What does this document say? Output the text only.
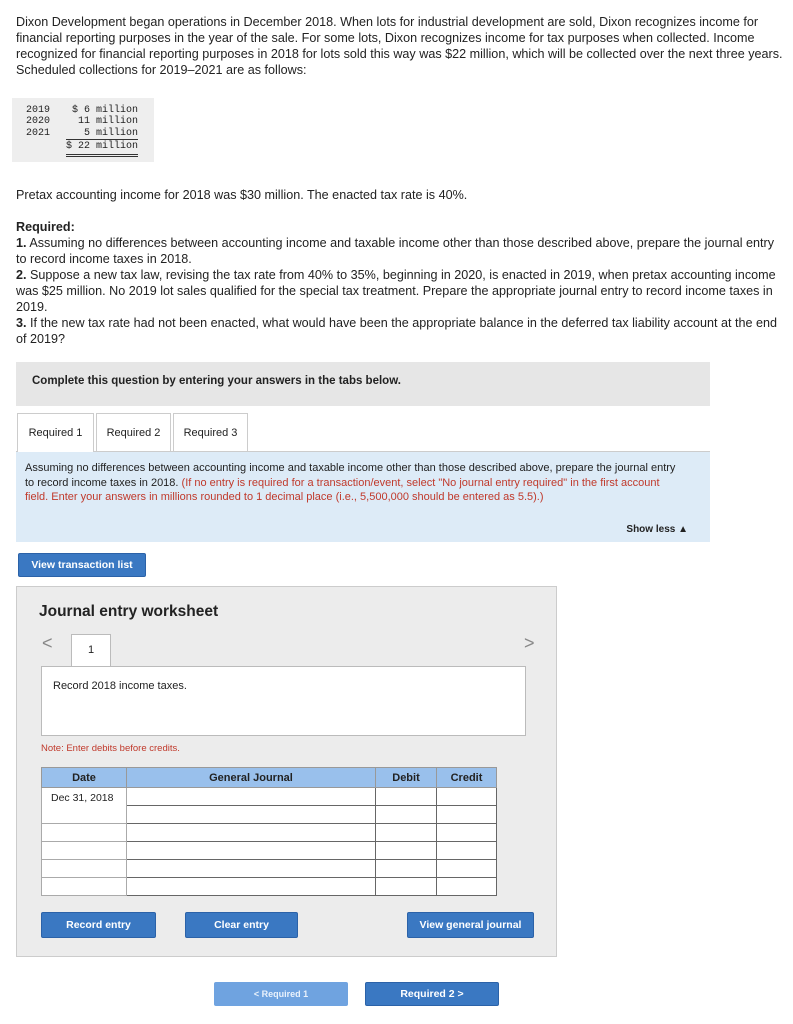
Dixon Development began operations in December 2018. When lots for industrial development are sold, Dixon recognizes income for financial reporting purposes in the year of the sale. For some lots, Dixon recognizes income for tax purposes when collected. Income recognized for financial reporting purposes in 2018 for lots sold this way was $22 million, which will be collected over the next three years. Scheduled collections for 2019–2021 are as follows:
2019	$ 6 million
2020	11 million
2021	5 million
	$ 22 million
Pretax accounting income for 2018 was $30 million. The enacted tax rate is 40%.

Required:

1. Assuming no differences between accounting income and taxable income other than those described above, prepare the journal entry to record income taxes in 2018.

2. Suppose a new tax law, revising the tax rate from 40% to 35%, beginning in 2020, is enacted in 2019, when pretax accounting income was $25 million. No 2019 lot sales qualified for the special tax treatment. Prepare the appropriate journal entry to record income taxes in 2019.

3. If the new tax rate had not been enacted, what would have been the appropriate balance in the deferred tax liability account at the end of 2019?

Complete this question by entering your answers in the tabs below.
Required 1	Required 2	Required 3
Assuming no differences between accounting income and taxable income other than those described above, prepare the journal entry to record income taxes in 2018. (If no entry is required for a transaction/event, select "No journal entry required" in the first account field. Enter your answers in millions rounded to 1 decimal place (i.e., 5,500,000 should be entered as 5.5).)
Show less ▲
View transaction list
Journal entry worksheet
<	>
1
Record 2018 income taxes.
Note: Enter debits before credits.
Date	General Journal	Debit	Credit
Dec 31, 2018			

Record entry	Clear entry	View general journal
< Required 1	Required 2 >
